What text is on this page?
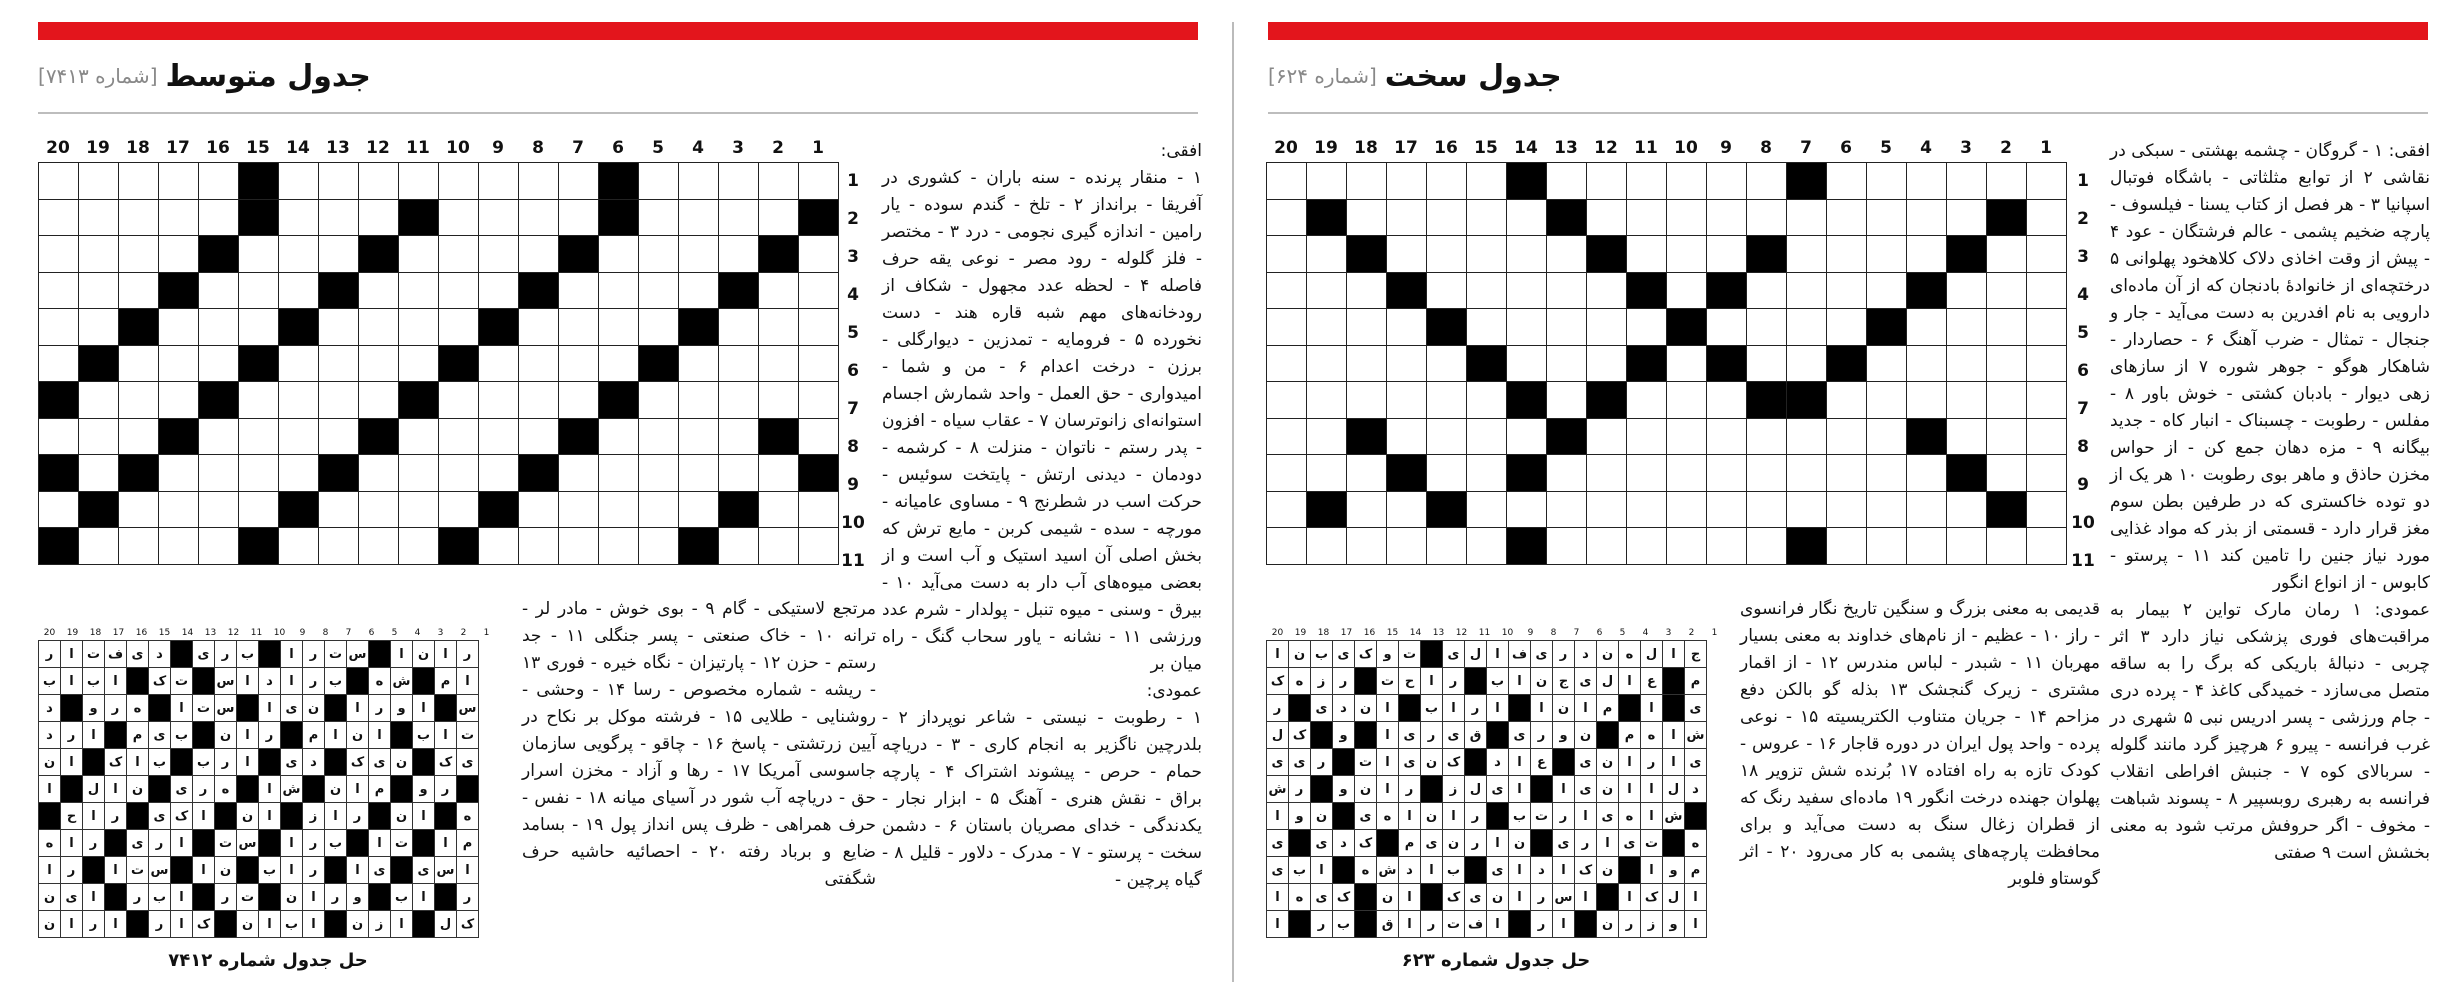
جدول سخت
[شماره ۶۲۴]
جدول متوسط
[شماره ۷۴۱۳]
1
2
3
4
5
6
7
8
9
10
11
12
13
14
15
16
17
18
19
20

1
2
3
4
5
6
7
8
9
10
11
افقی: ۱ - گروگان - چشمه بهشتی - سبکی در نقاشی ۲ از توابع مثلثاتی - باشگاه فوتبال اسپانیا ۳ - هر فصل از کتاب یسنا - فیلسوف - پارچه ضخیم پشمی - عالم فرشتگان - عود ۴ - پیش از وقت اخاذی دلاک کلاهخود پهلوانی ۵ درختچه‌ای از خانوادهٔ بادنجان که از آن ماده‌ای دارویی به نام افدرین به دست می‌آید - جار و جنجال - تمثال - ضرب آهنگ ۶ - حصاردار - شاهکار هوگو - جوهر شوره ۷ از سازهای زهی دیوار - بادبان کشتی - خوش باور ۸ - مفلس - رطوبت - چسبناک - انبار کاه - جدید بیگانه ۹ - مزه دهان جمع کن - از حواس مخزن حاذق و ماهر بوی رطوبت ۱۰ هر یک از دو توده خاکستری که در طرفین بطن سوم مغز قرار دارد - قسمتی از بذر که مواد غذایی مورد نیاز جنین را تامین کند ۱۱ - پرستو - کابوس - از انواع انگور
عمودی: ۱ رمان مارک تواین ۲ بیمار به مراقبت‌های فوری پزشکی نیاز دارد ۳ اثر چربی - دنبالهٔ باریکی که برگ را به ساقه متصل می‌سازد - خمیدگی کاغذ ۴ - پرده دری - جام ورزشی - پسر ادریس نبی ۵ شهری در غرب فرانسه - پیرو ۶ هرچیز گرد مانند گلوله - سربالای کوه ۷ - جنبش افراطی انقلاب فرانسه به رهبری روبسپیر ۸ - پسوند شباهت - مخوف - اگر حروفش مرتب شود به معنی بخشش است ۹ صفتی
قدیمی به معنی بزرگ و سنگین تاریخ نگار فرانسوی - راز ۱۰ - عظیم - از نام‌های خداوند به معنی بسیار مهربان ۱۱ - شبدر - لباس مندرس ۱۲ - از اقمار مشتری - زیرک گنجشک ۱۳ بذله گو بالکن دفع مزاحم ۱۴ - جریان متناوب الکتریسیته ۱۵ - نوعی پرده - واحد پول ایران در دوره قاجار ۱۶ - عروس - کودک تازه به راه افتاده ۱۷ بُرنده شش تزویر ۱۸ پهلوان جهنده درخت انگور ۱۹ ماده‌ای سفید رنگ که از قطران زغال سنگ به دست می‌آید و برای محافظت پارچه‌های پشمی به کار می‌رود ۲۰ - اثر گوستاو فلوبر
1
2
3
4
5
6
7
8
9
10
11
12
13
14
15
16
17
18
19
20
ج	ا	ل	ه	ن	د	ر	ی	ف	ا	ل	ی		ت	و	ک	ی	ب	ن	ا
م		ع	ا	ل	ی	ج	ن	ا	ب		ر	ا	ح	ت		ر	ز	ه	ک
ی		ا		م	ا	ن	ا		ا	ر	ا	ب		ا	ن	د	ی		ر
ش	ا	ه	م		ن	و	ر	ی		ق	ی	ر	ی	ا		و		ک	ل
ی	ا	ر	ا	ن	ی		ع	ا	د		ک	ن	ی	ا	ت		ر	ی	ی
د	ل	ا	ا	ن	ی	ا		ا	ی	ل	ز		ر	ا	ن	و		ر	ش
	ش	ا	ه	ی	ا	ر	ت	ب		ر	ا	ن	ا	ه	ی		ن	و	ا
ه		ت	ی	ا	ر	ی		ن	ا	ر	ن	ی	م		ک	د	ی		ی
م	و	ا		ن	ک	ا	د	ا	ی		ب	ا	د	ش	ه		ا	ب	ی
ا	ل	ک	ا		ا	س	ر	ا	ن	ی	ک		ا	ن		ک	ی	ه	ا
ا	و	ز	ر	ن		ا	ر		ا	ف	ت	ر	ا	ق		ب	ر		ا
حل جدول شماره ۶۲۳
1
2
3
4
5
6
7
8
9
10
11
12
13
14
15
16
17
18
19
20

1
2
3
4
5
6
7
8
9
10
11
افقی:
۱ - منقار پرنده - سنه باران - کشوری در آفریقا - برانداز ۲ - تلخ - گندم سوده - یار رامین - اندازه گیری نجومی - درد ۳ - مختصر - فلز گلوله - رود مصر - نوعی یقه حرف فاصله ۴ - لحظه عدد مجهول - شکاف از رودخانه‌های مهم شبه قاره هند - دست نخورده ۵ - فرومایه - تمدزین - دیوارگلی - برزن - درخت اعدام ۶ - من و شما - امیدواری - حق العمل - واحد شمارش اجسام استوانه‌ای زانوترسان ۷ - عقاب سیاه - افزون - پدر رستم - ناتوان - منزلت ۸ - کرشمه - دودمان - دیدنی ارتش - پایتخت سوئیس - حرکت اسب در شطرنج ۹ - مساوی عامیانه - مورچه - سده - شیمی کربن - مایع ترش که بخش اصلی آن اسید استیک و آب است و از بعضی میوه‌های آب دار به دست می‌آید ۱۰ - بیرق - وسنی - میوه تنبل - پولدار - شرم عدد ورزشی ۱۱ - نشانه - یاور سحاب گنگ - راه میان بر
عمودی:
۱ - رطوبت - نیستی - شاعر نوپرداز ۲ - بلدرچین ناگزیر به انجام کاری - ۳ - دریاچه حمام - حرص - پیشوند اشتراک ۴ - پارچه براق - نقش هنری - آهنگ ۵ - ابزار نجار - یکدندگی - خدای مصریان باستان ۶ - دشمن سخت - پرستو - ۷ - مدرک - دلاور - قلیل ۸ - گیاه پرچین -
مرتجع لاستیکی - گام ۹ - بوی خوش - مادر لر - ترانه ۱۰ - خاک صنعتی - پسر جنگلی ۱۱ - جد رستم - حزن ۱۲ - پارتیزان - نگاه خیره - فوری ۱۳ - ریشه - شماره مخصوص - رسا ۱۴ - وحشی - روشنایی - طلایی ۱۵ - فرشته موکل بر نکاح در آیین زرتشتی - پاسخ ۱۶ - چاقو - پرگویی سازمان جاسوسی آمریکا ۱۷ - رها و آزاد - مخزن اسرار حق - دریاچه آب شور در آسیای میانه ۱۸ - نفس - حرف همراهی - ظرف پس انداز پول ۱۹ - بسامد ضایع و برباد رفته ۲۰ - احصائیه حاشیه حرف شگفتی
1
2
3
4
5
6
7
8
9
10
11
12
13
14
15
16
17
18
19
20
ر	ا	ن	ا		س	ت	ر	ا		ب	ر	ی		د	ی	ف	ت	ا	ر
ا	م		ش	ه		ب	ر	ا	د	ا	س		ت	ک		ا	ب	ا	ب
س		ا	و	ر	ا		ن	ی	ا		س	ت	ا		ه	ر	و		د
ت	ا	ب		ا	ن	ا	م		ر	ا	ن		ب	ی	م		ا	ر	د
ی	ک		ن	ی	ک		د	ی		ا	ر	ب		ب	ا	ک		ا	ن
	ر	و		م	ا	ن		ش	ا		ه	ر	ی		ن	ا	ل		ا
ه		ا	ن		ر	ا	ز		ا	ن		ا	ک	ی		ر	ا	ح	
م	ا		ت	ا		ب	ر	ا		س	ت		ا	ر	ی		ر	ا	ه
ا	س	ی		ی	ا		ر	ا	ب		ن	ا		س	ت	ا		ر	ا
ر		ا	ب		و	ر	ا	ن		ت	ر		ا	ب	ر		ا	ی	ن
ک	ل		ا	ز	ن		ا	ب	ا	ن		ک	ا	ر		ا	ر	ا	ن
حل جدول شماره ۷۴۱۲
